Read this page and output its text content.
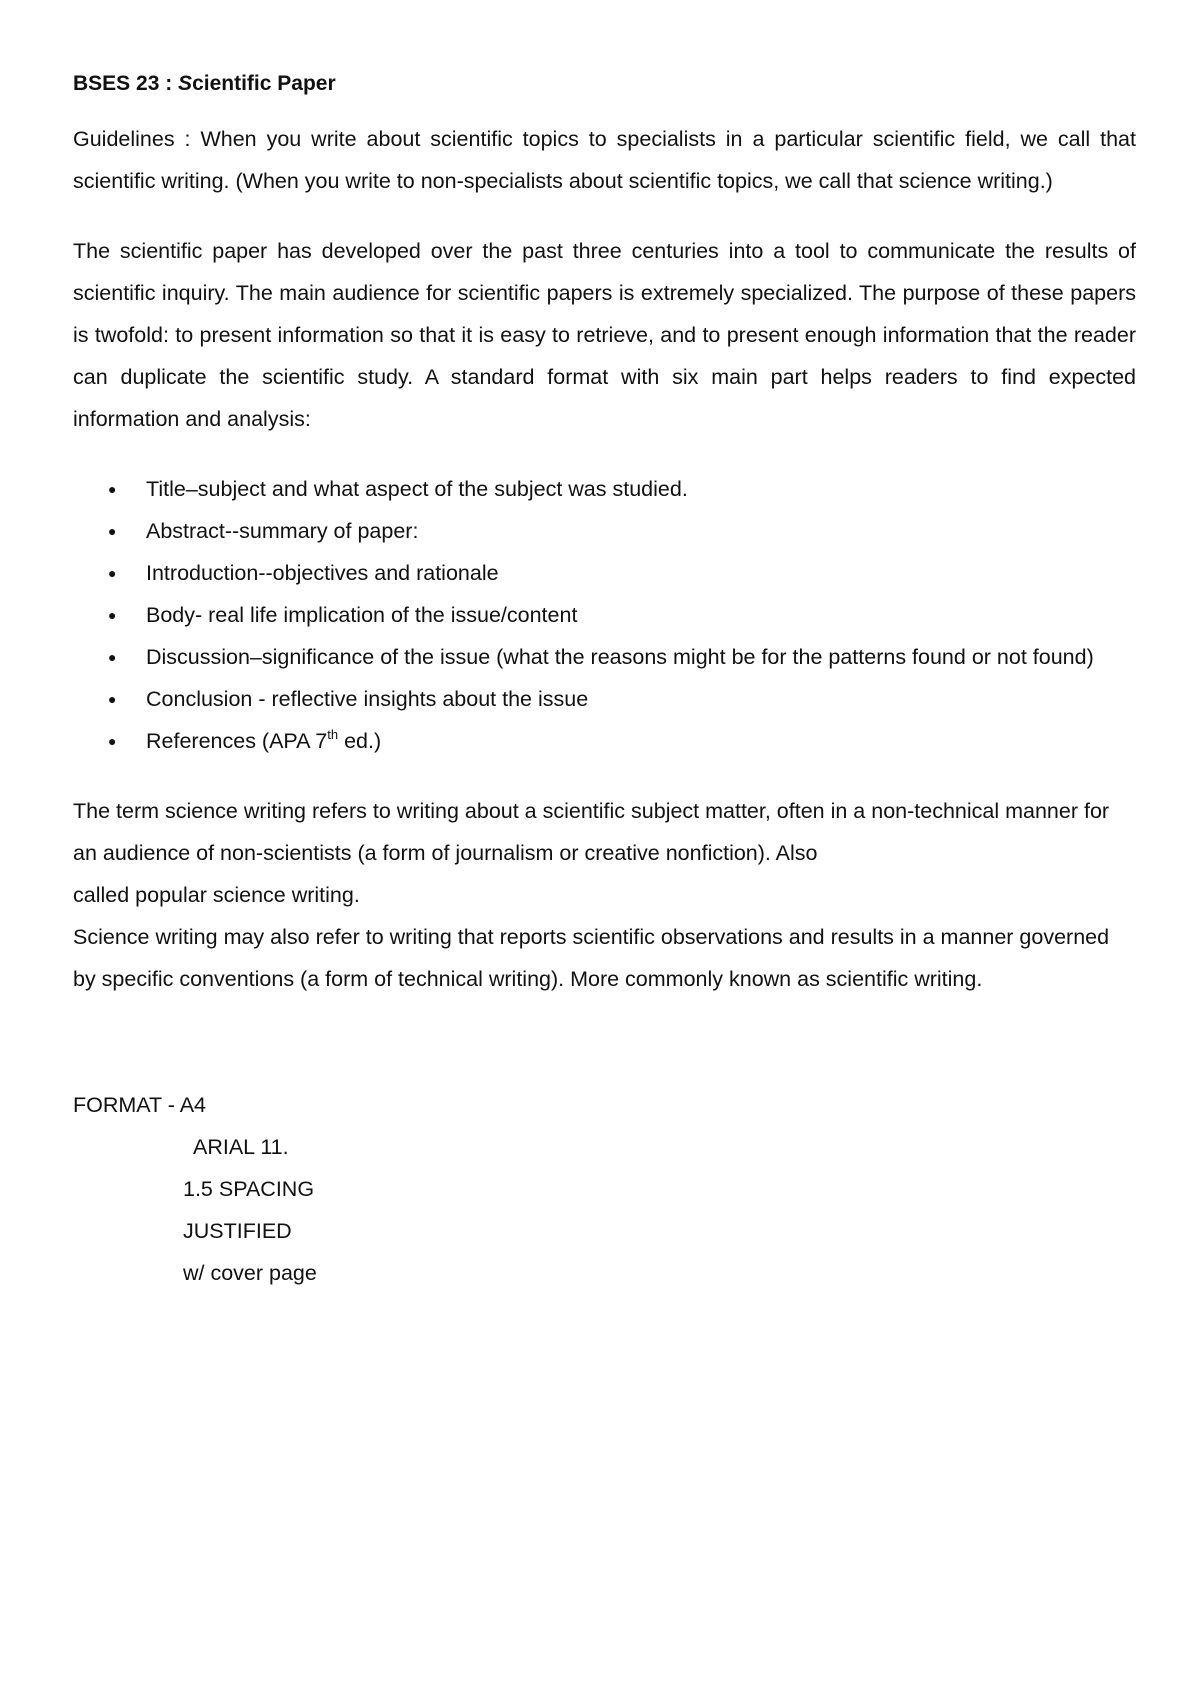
BSES 23 : Scientific Paper

Guidelines : When you write about scientific topics to specialists in a particular scientific field, we call that scientific writing. (When you write to non-specialists about scientific topics, we call that science writing.)

The scientific paper has developed over the past three centuries into a tool to communicate the results of scientific inquiry. The main audience for scientific papers is extremely specialized. The purpose of these papers is twofold: to present information so that it is easy to retrieve, and to present enough information that the reader can duplicate the scientific study. A standard format with six main part helps readers to find expected information and analysis:

● Title–subject and what aspect of the subject was studied.
● Abstract--summary of paper:
● Introduction--objectives and rationale
● Body- real life implication of the issue/content
● Discussion–significance of the issue (what the reasons might be for the patterns found or not found)
● Conclusion - reflective insights about the issue
● References (APA 7th ed.)

The term science writing refers to writing about a scientific subject matter, often in a non-technical manner for an audience of non-scientists (a form of journalism or creative nonfiction). Also
called popular science writing.

Science writing may also refer to writing that reports scientific observations and results in a manner governed by specific conventions (a form of technical writing). More commonly known as scientific writing.

FORMAT - A4

ARIAL 11.

1.5 SPACING

JUSTIFIED

w/ cover page
